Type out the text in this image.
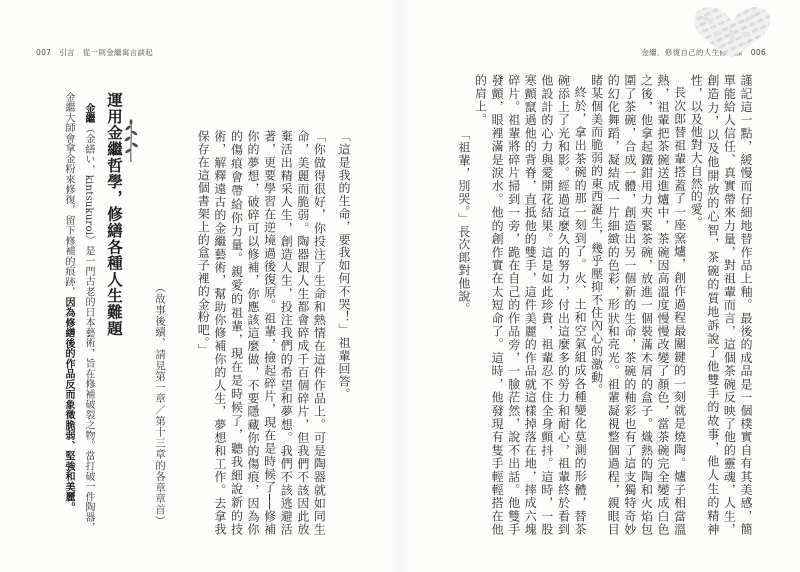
007 引言 從一則金繼寓言談起	金繼．修復自己的人生修繕課 006

謹記這一點，緩慢而仔細地替作品上釉。最後的成品是一個樸實自有其美感，簡單能給人信任、真實帶來力量，對祖輩而言，這個茶碗反映了他的靈魂，人生，創造力，以及他開放的心智，茶碗的質地訴說了他雙手的故事，他人生的精神性，以及他對大自然的愛。

長次郎替祖輩搭蓋了一座窯爐，創作過程最關鍵的一刻就是燒陶。爐子相當溫熱，祖輩把茶碗送進爐中，茶碗因高溫度慢慢改變了顏色，當茶碗完全變成白色之後，他拿起鐵鉗用力夾緊茶碗，放進一個裝滿木屑的盒子。熾熱的陶和火焰包圍了茶碗，合成一體，創造出另一個新的生命，茶碗的釉彩也有了這支獨特奇妙的幻化舞蹈，凝結成一片細緻的色彩，形狀和亮光。祖輩凝視整個過程，親眼目睹某個美而脆弱的東西誕生，幾乎壓抑不住內心的激動。

終於，拿出茶碗的那一刻到了。火、土和空氣組成各種變化莫測的形體，替茶碗添上了光和影。經過這麼久的努力，付出這麼多的勞力和耐心，祖輩終於看到他設計的心力與愛開花結果。這是如此珍貴，祖輩忍不住全身顫抖。這時，一股寒顫竄過他的背脊，直抵他的雙手，這件美麗的作品就這樣掉落在地，摔成六塊碎片。祖輩將碎片掃到一旁，跪在自己的作品旁，一臉茫然，說不出話。他雙手發顫，眼裡滿是淚水。他的創作實在太短命了。這時，他發現有隻手輕輕搭在他的肩上。

「祖輩，別哭。」長次郎對他說。

「這是我的生命，要我如何不哭！」祖輩回答。

「你做得很好，你投注了生命和熱情在這件作品上。可是陶器就如同生命，美麗而脆弱。陶器跟人生都會碎成千百個碎片，但我們不該因此放棄活出精采人生，創造人生，投注我們的希望和夢想。我們不該逃避活著，更要學習在逆境過後復原。祖輩，撿起碎片，現在是時候了──修補你的夢想，破碎可以修補，你應該這麼做，不要隱藏你的傷痕，因為你的傷痕會帶給你力量。親愛的祖輩，現在是時候了，聽我細說新的技術，解釋遠古的金繼藝術，幫助你修補你的人生，夢想和工作。去拿我保存在這個書架上的盒子裡的金粉吧。」

（故事後續，請見第一章／第十三章的各章章首）
運用金繼哲學，修繕各種人生難題
金繼（金繕い，kintsukuroi）是一門古老的日本藝術，旨在修補破裂之物。當打破一件陶器，
金繼大師會拿金粉來修復，留下修補的痕跡，因為修繕後的作品反而象徵脆弱、堅強和美麗。
